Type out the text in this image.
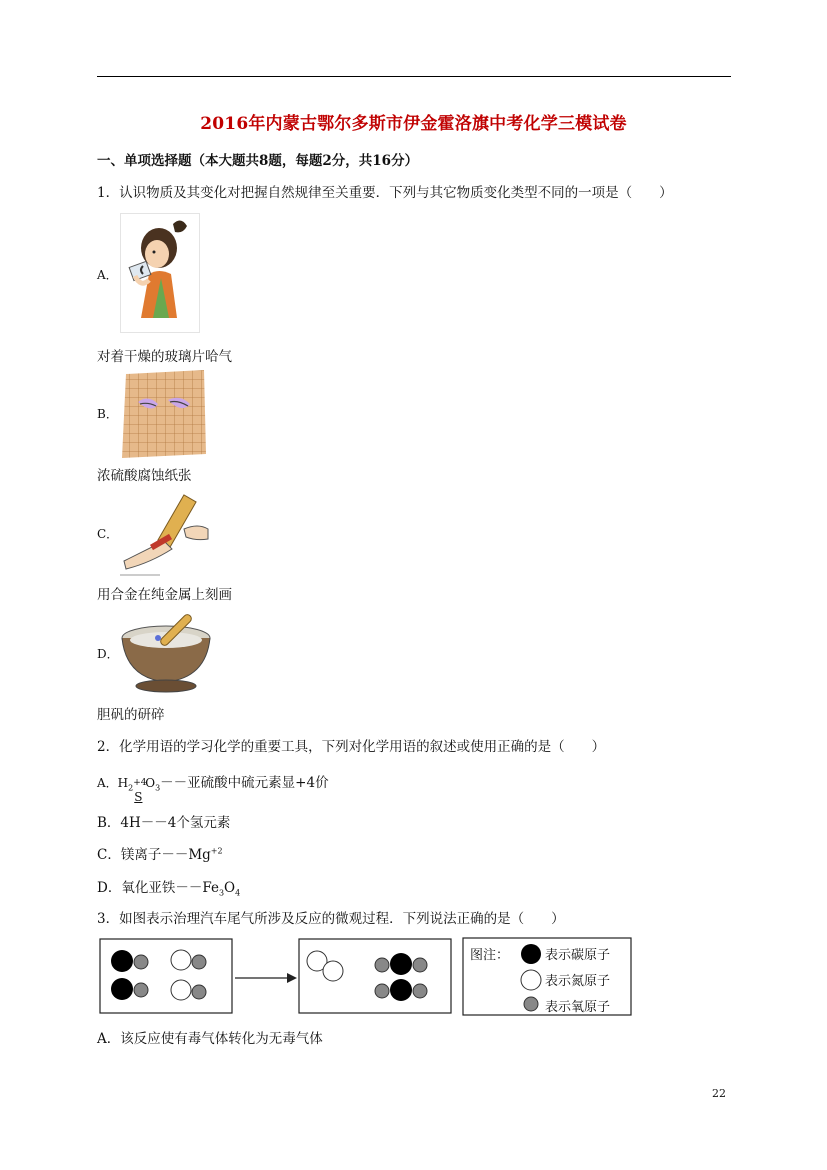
2016年内蒙古鄂尔多斯市伊金霍洛旗中考化学三模试卷
一、单项选择题（本大题共8题，每题2分，共16分）
1．认识物质及其变化对把握自然规律至关重要．下列与其它物质变化类型不同的一项是（　　）
A．
对着干燥的玻璃片哈气
B．
浓硫酸腐蚀纸张
C．
用合金在纯金属上刻画
D．
胆矾的研碎
2．化学用语的学习化学的重要工具，下列对化学用语的叙述或使用正确的是（　　）
A．$H_2$
+4
S
$O_3--$亚硫酸中硫元素显+4价
B．4H－－4个氢元素
C．镁离子$--Mg^{+2}$
D．氧化亚铁$--Fe_3O_4$
3．如图表示治理汽车尾气所涉及反应的微观过程．下列说法正确的是（　　）
图注：	表示碳原子
表示氮原子
表示氧原子
A．该反应使有毒气体转化为无毒气体
22
